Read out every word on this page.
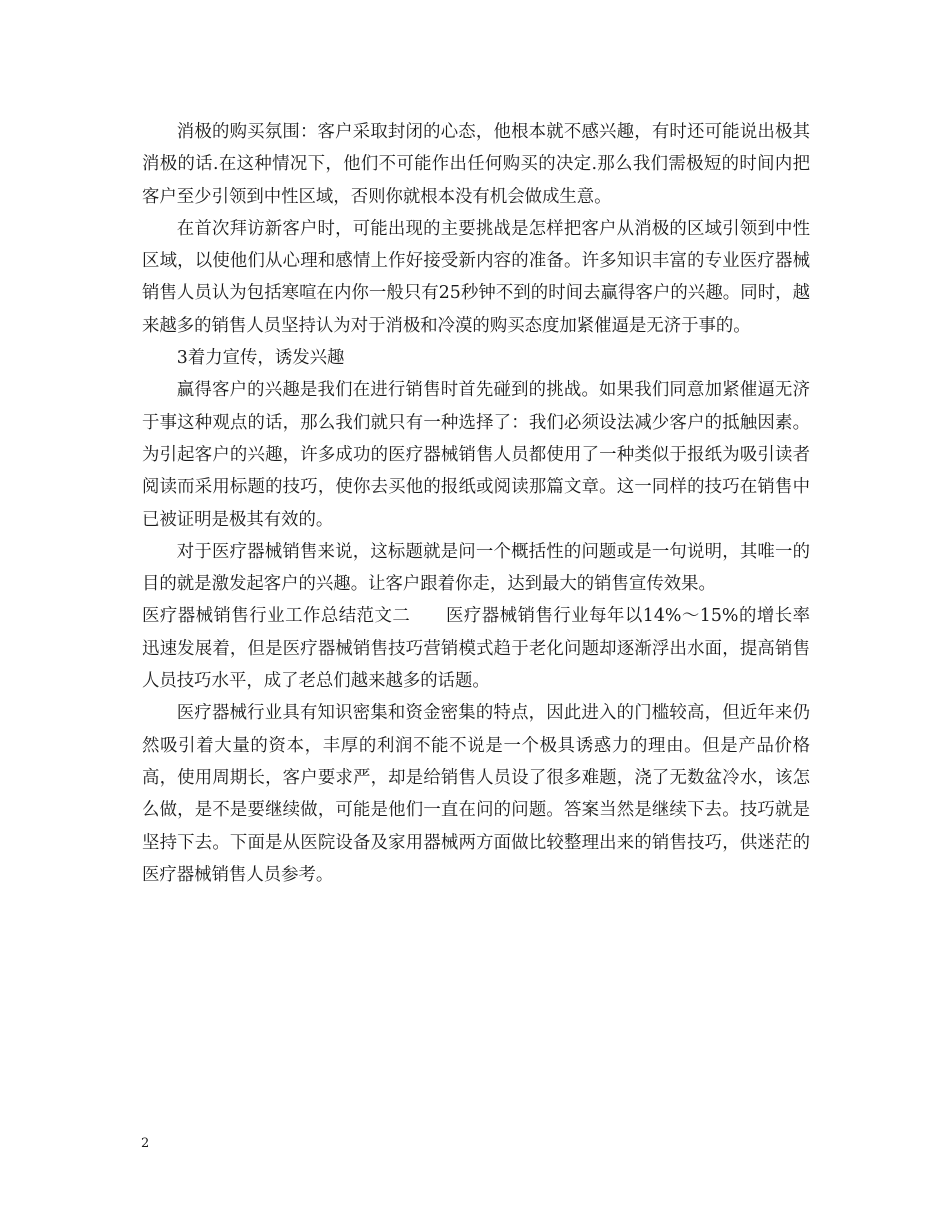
消极的购买氛围：客户采取封闭的心态，他根本就不感兴趣，有时还可能说出极其消极的话.在这种情况下，他们不可能作出任何购买的决定.那么我们需极短的时间内把客户至少引领到中性区域，否则你就根本没有机会做成生意。

在首次拜访新客户时，可能出现的主要挑战是怎样把客户从消极的区域引领到中性区域，以使他们从心理和感情上作好接受新内容的准备。许多知识丰富的专业医疗器械销售人员认为包括寒喧在内你一般只有25秒钟不到的时间去赢得客户的兴趣。同时，越来越多的销售人员坚持认为对于消极和冷漠的购买态度加紧催逼是无济于事的。

3着力宣传，诱发兴趣

赢得客户的兴趣是我们在进行销售时首先碰到的挑战。如果我们同意加紧催逼无济于事这种观点的话，那么我们就只有一种选择了：我们必须设法减少客户的抵触因素。为引起客户的兴趣，许多成功的医疗器械销售人员都使用了一种类似于报纸为吸引读者阅读而采用标题的技巧，使你去买他的报纸或阅读那篇文章。这一同样的技巧在销售中已被证明是极其有效的。

对于医疗器械销售来说，这标题就是问一个概括性的问题或是一句说明，其唯一的目的就是激发起客户的兴趣。让客户跟着你走，达到最大的销售宣传效果。

医疗器械销售行业工作总结范文二　　医疗器械销售行业每年以14%～15%的增长率迅速发展着，但是医疗器械销售技巧营销模式趋于老化问题却逐渐浮出水面，提高销售人员技巧水平，成了老总们越来越多的话题。

医疗器械行业具有知识密集和资金密集的特点，因此进入的门槛较高，但近年来仍然吸引着大量的资本，丰厚的利润不能不说是一个极具诱惑力的理由。但是产品价格高，使用周期长，客户要求严，却是给销售人员设了很多难题，浇了无数盆冷水，该怎么做，是不是要继续做，可能是他们一直在问的问题。答案当然是继续下去。技巧就是坚持下去。下面是从医院设备及家用器械两方面做比较整理出来的销售技巧，供迷茫的医疗器械销售人员参考。

2
